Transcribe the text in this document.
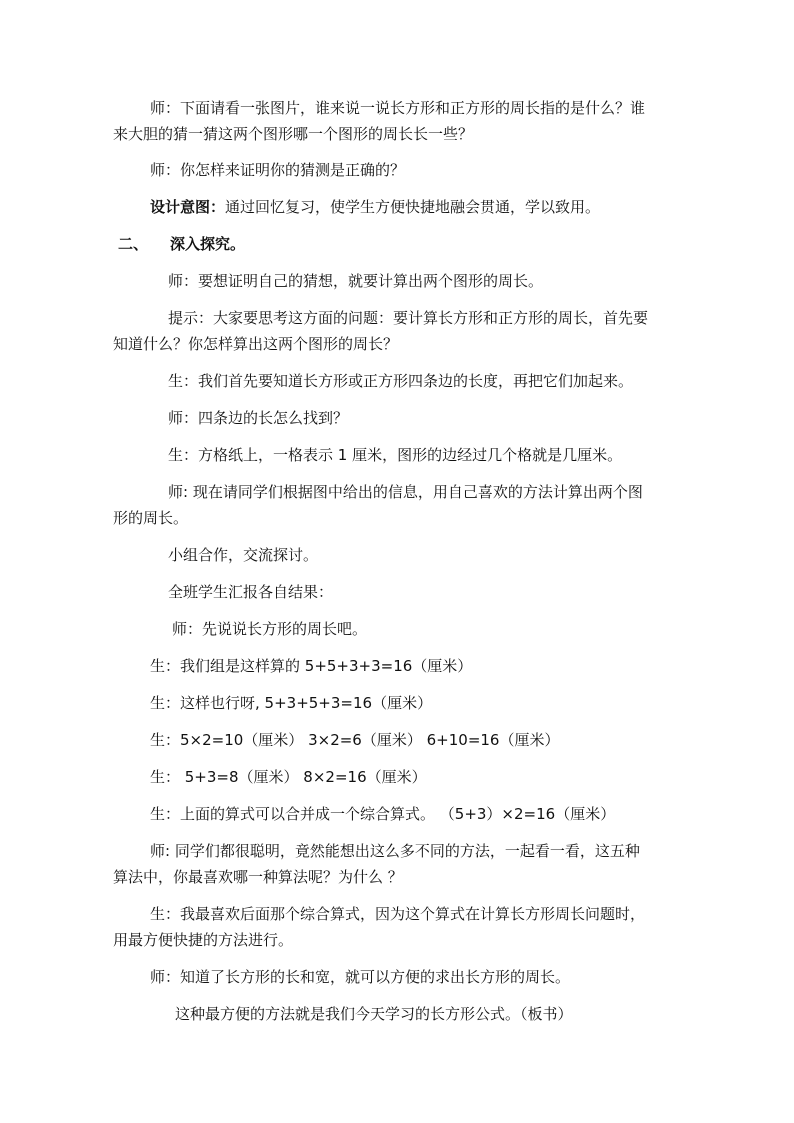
师：下面请看一张图片，谁来说一说长方形和正方形的周长指的是什么？谁

来大胆的猜一猜这两个图形哪一个图形的周长长一些？

师：你怎样来证明你的猜测是正确的？

设计意图：通过回忆复习，使学生方便快捷地融会贯通，学以致用。

二、 深入探究。

师：要想证明自己的猜想，就要计算出两个图形的周长。

提示：大家要思考这方面的问题：要计算长方形和正方形的周长，首先要

知道什么？你怎样算出这两个图形的周长？

生：我们首先要知道长方形或正方形四条边的长度，再把它们加起来。

师：四条边的长怎么找到？

生：方格纸上，一格表示 1 厘米，图形的边经过几个格就是几厘米。

师: 现在请同学们根据图中给出的信息，用自己喜欢的方法计算出两个图

形的周长。

小组合作，交流探讨。

全班学生汇报各自结果：

师：先说说长方形的周长吧。

生：我们组是这样算的 5+5+3+3=16（厘米）

生：这样也行呀, 5+3+5+3=16（厘米）

生：5×2=10（厘米） 3×2=6（厘米） 6+10=16（厘米）

生： 5+3=8（厘米） 8×2=16（厘米）

生：上面的算式可以合并成一个综合算式。 （5+3）×2=16（厘米）

师: 同学们都很聪明，竟然能想出这么多不同的方法，一起看一看，这五种

算法中，你最喜欢哪一种算法呢？为什么 ？

生：我最喜欢后面那个综合算式，因为这个算式在计算长方形周长问题时，

用最方便快捷的方法进行。

师：知道了长方形的长和宽，就可以方便的求出长方形的周长。

这种最方便的方法就是我们今天学习的长方形公式。（板书）
